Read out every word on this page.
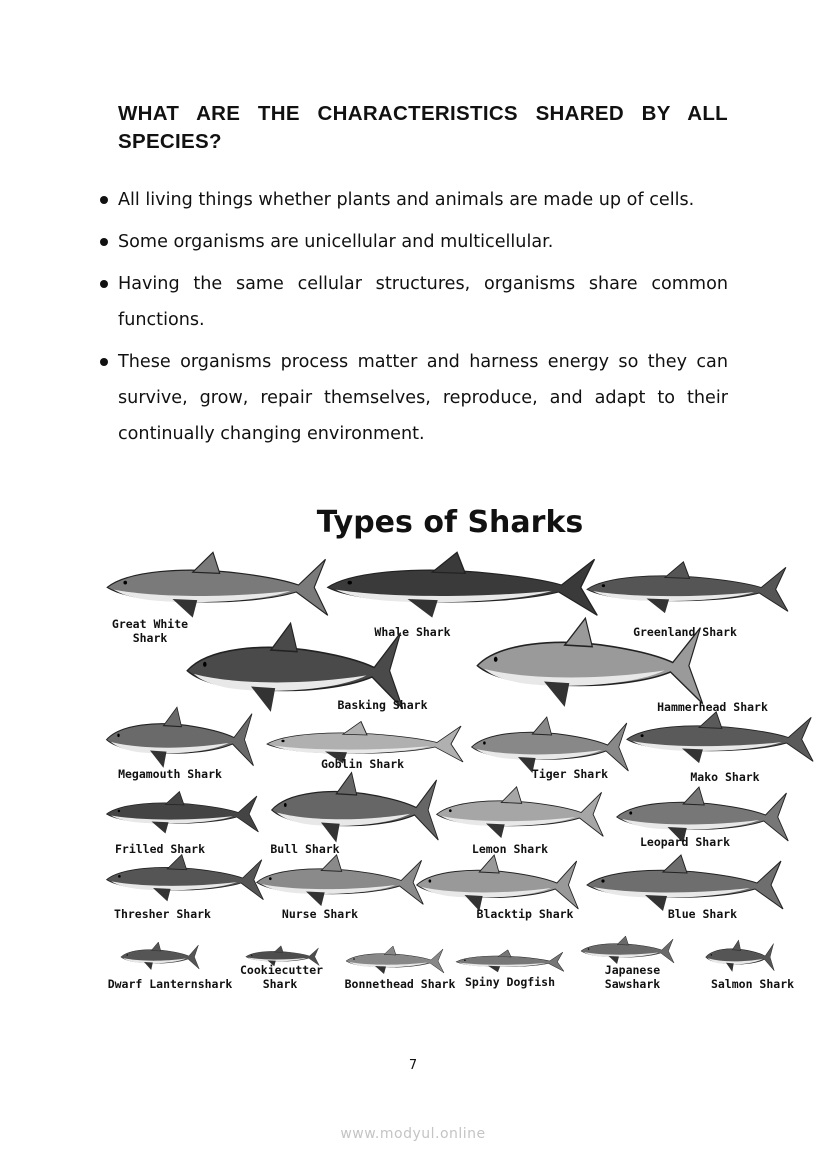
WHAT ARE THE CHARACTERISTICS SHARED BY ALL SPECIES?
All living things whether plants and animals are made up of cells.
Some organisms are unicellular and multicellular.
Having the same cellular structures, organisms share common functions.
These organisms process matter and harness energy so they can survive, grow, repair themselves, reproduce, and adapt to their continually changing environment.
Types of Sharks
Great White
Shark	Whale Shark	Greenland Shark
Basking Shark	Hammerhead Shark
Megamouth Shark
Goblin Shark
Tiger Shark	Mako Shark
Frilled Shark	Bull Shark	Lemon Shark	Leopard Shark
Thresher Shark	Nurse Shark	Blacktip Shark	Blue Shark
Dwarf Lanternshark
Cookiecutter
Shark	Bonnethead Shark Spiny Dogfish
Japanese
Sawshark	Salmon Shark
7
www.modyul.online
